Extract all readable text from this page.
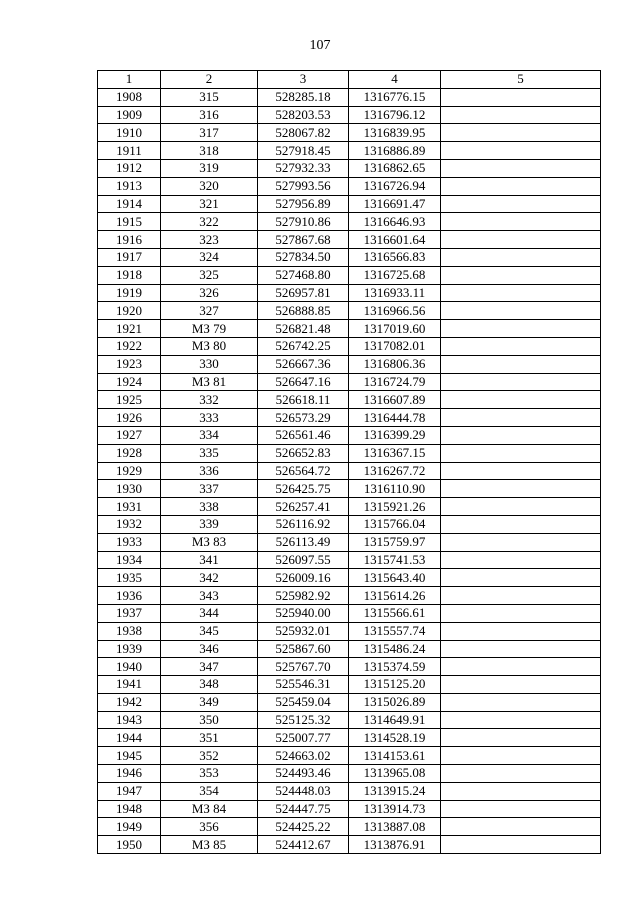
107
1	2	3	4	5
1908	315	528285.18	1316776.15	
1909	316	528203.53	1316796.12	
1910	317	528067.82	1316839.95	
1911	318	527918.45	1316886.89	
1912	319	527932.33	1316862.65	
1913	320	527993.56	1316726.94	
1914	321	527956.89	1316691.47	
1915	322	527910.86	1316646.93	
1916	323	527867.68	1316601.64	
1917	324	527834.50	1316566.83	
1918	325	527468.80	1316725.68	
1919	326	526957.81	1316933.11	
1920	327	526888.85	1316966.56	
1921	МЗ 79	526821.48	1317019.60	
1922	МЗ 80	526742.25	1317082.01	
1923	330	526667.36	1316806.36	
1924	МЗ 81	526647.16	1316724.79	
1925	332	526618.11	1316607.89	
1926	333	526573.29	1316444.78	
1927	334	526561.46	1316399.29	
1928	335	526652.83	1316367.15	
1929	336	526564.72	1316267.72	
1930	337	526425.75	1316110.90	
1931	338	526257.41	1315921.26	
1932	339	526116.92	1315766.04	
1933	МЗ 83	526113.49	1315759.97	
1934	341	526097.55	1315741.53	
1935	342	526009.16	1315643.40	
1936	343	525982.92	1315614.26	
1937	344	525940.00	1315566.61	
1938	345	525932.01	1315557.74	
1939	346	525867.60	1315486.24	
1940	347	525767.70	1315374.59	
1941	348	525546.31	1315125.20	
1942	349	525459.04	1315026.89	
1943	350	525125.32	1314649.91	
1944	351	525007.77	1314528.19	
1945	352	524663.02	1314153.61	
1946	353	524493.46	1313965.08	
1947	354	524448.03	1313915.24	
1948	МЗ 84	524447.75	1313914.73	
1949	356	524425.22	1313887.08	
1950	МЗ 85	524412.67	1313876.91	
